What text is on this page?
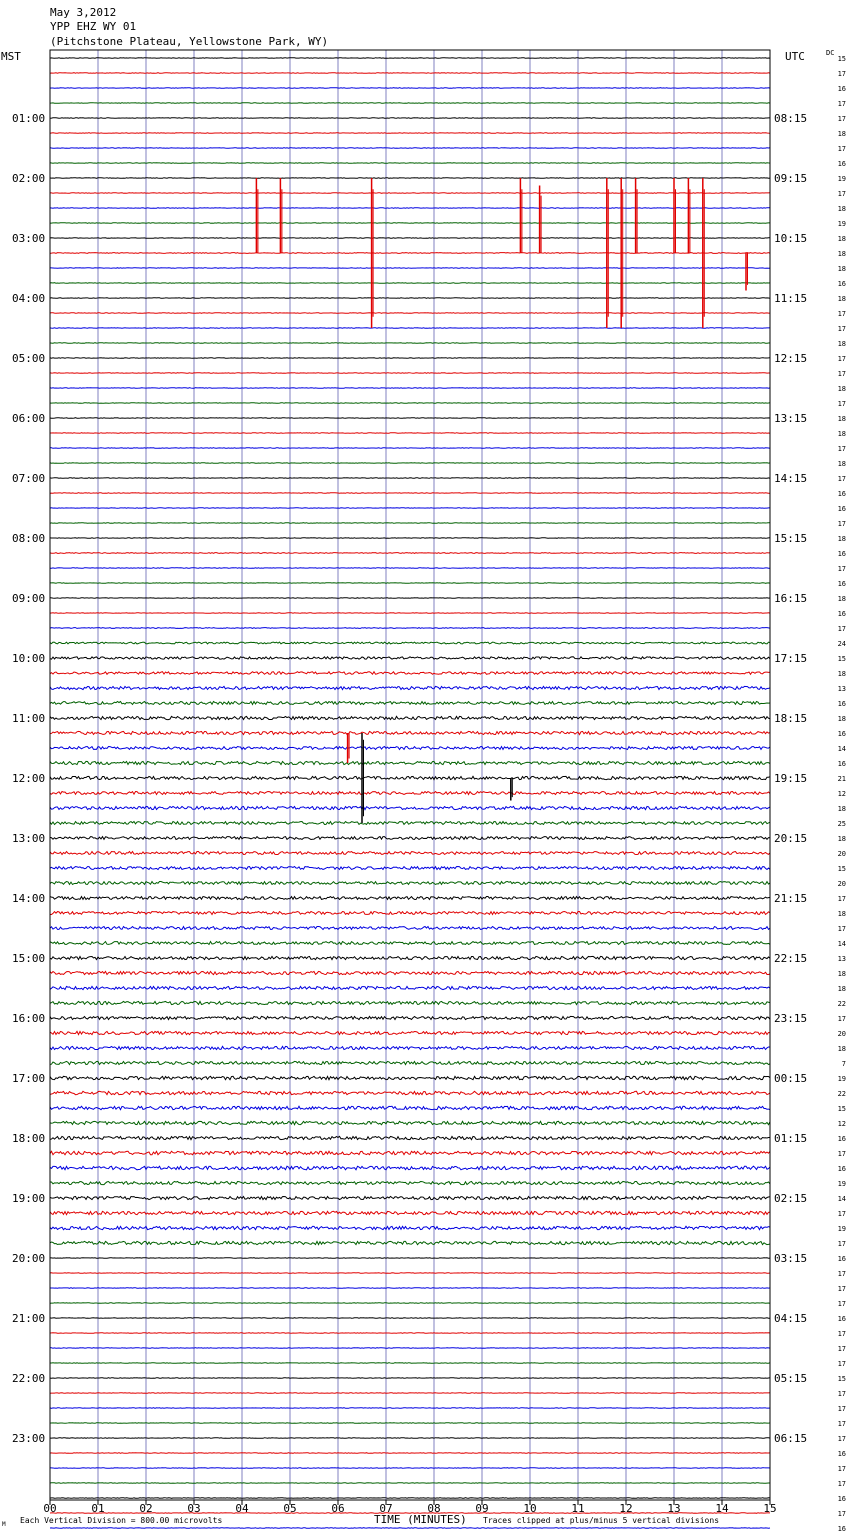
May 3,2012
YPP EHZ WY 01
(Pitchstone Plateau, Yellowstone Park, WY)
MST	UTC	DC
01:00
02:00
03:00
04:00
05:00
06:00
07:00
08:00
09:00
10:00
11:00
12:00
13:00
14:00
15:00
16:00
17:00
18:00
19:00
20:00
21:00
22:00
23:00
08:15
09:15
10:15
11:15
12:15
13:15
14:15
15:15
16:15
17:15
18:15
19:15
20:15
21:15
22:15
23:15
00:15
01:15
02:15
03:15
04:15
05:15
06:15
15
17
16
17
17
18
17
16
19
17
18
19
18
18
18
16
18
17
17
18
17
17
18
17
18
18
17
18
17
16
16
17
18
16
17
16
18
16
17
24
15
18
13
16
18
16
14
16
21
12
18
25
18
20
15
20
17
18
17
14
13
18
18
22
17
20
18
7
19
22
15
12
16
17
16
19
14
17
19
17
16
17
17
17
16
17
17
17
15
17
17
17
17
16
17
17
16
17
16
00	01	02	03	04	05	06	07	08	09	10	11	12	13	14	15
M Each Vertical Division = 800.00 microvolts	TIME (MINUTES) Traces clipped at plus/minus 5 vertical divisions
